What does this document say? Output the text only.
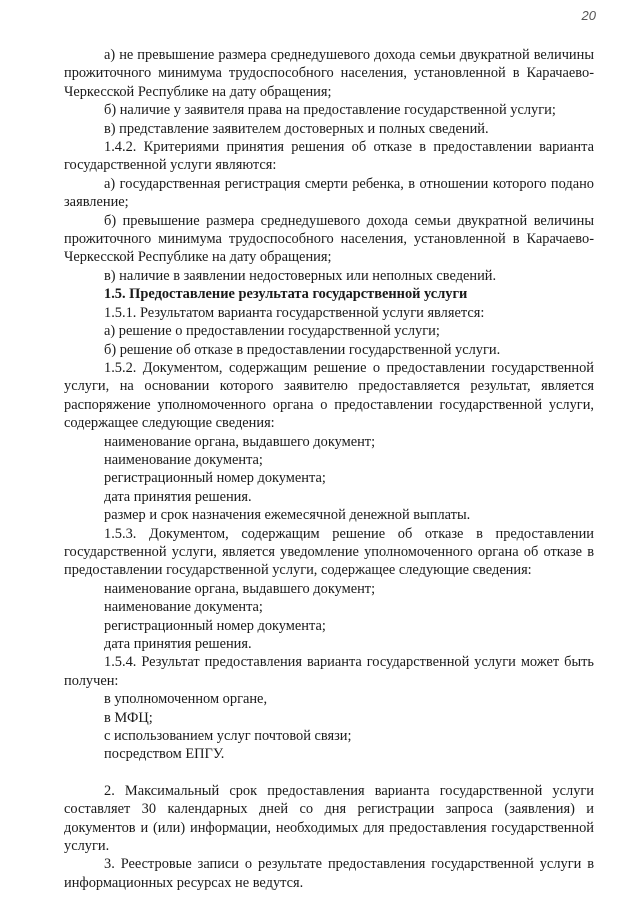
20

а) не превышение размера среднедушевого дохода семьи двукратной величины прожиточного минимума трудоспособного населения, установленной в Карачаево-Черкесской Республике на дату обращения;

б) наличие у заявителя права на предоставление государственной услуги;

в) представление заявителем достоверных и полных сведений.

1.4.2. Критериями принятия решения об отказе в предоставлении варианта государственной услуги являются:

а) государственная регистрация смерти ребенка, в отношении которого подано заявление;

б) превышение размера среднедушевого дохода семьи двукратной величины прожиточного минимума трудоспособного населения, установленной в Карачаево-Черкесской Республике на дату обращения;

в) наличие в заявлении недостоверных или неполных сведений.

1.5. Предоставление результата государственной услуги

1.5.1. Результатом варианта государственной услуги является:

а) решение о предоставлении государственной услуги;

б) решение об отказе в предоставлении государственной услуги.

1.5.2. Документом, содержащим решение о предоставлении государственной услуги, на основании которого заявителю предоставляется результат, является распоряжение уполномоченного органа о предоставлении государственной услуги, содержащее следующие сведения:

наименование органа, выдавшего документ;

наименование документа;

регистрационный номер документа;

дата принятия решения.

размер и срок назначения ежемесячной денежной выплаты.

1.5.3. Документом, содержащим решение об отказе в предоставлении государственной услуги, является уведомление уполномоченного органа об отказе в предоставлении государственной услуги, содержащее следующие сведения:

наименование органа, выдавшего документ;

наименование документа;

регистрационный номер документа;

дата принятия решения.

1.5.4. Результат предоставления варианта государственной услуги может быть получен:

в уполномоченном органе,

в МФЦ;

с использованием услуг почтовой связи;

посредством ЕПГУ.

2. Максимальный срок предоставления варианта государственной услуги составляет 30 календарных дней со дня регистрации запроса (заявления) и документов и (или) информации, необходимых для предоставления государственной услуги.

3. Реестровые записи о результате предоставления государственной услуги в информационных ресурсах не ведутся.
